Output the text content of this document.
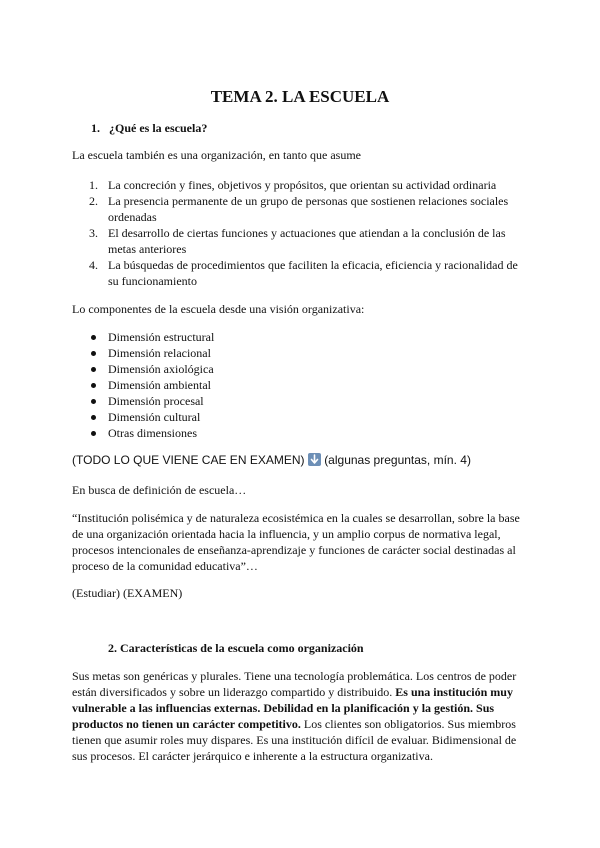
TEMA 2. LA ESCUELA
1. ¿Qué es la escuela?

La escuela también es una organización, en tanto que asume

1. La concreción y fines, objetivos y propósitos, que orientan su actividad ordinaria
2. La presencia permanente de un grupo de personas que sostienen relaciones sociales ordenadas
3. El desarrollo de ciertas funciones y actuaciones que atiendan a la conclusión de las metas anteriores
4. La búsquedas de procedimientos que faciliten la eficacia, eficiencia y racionalidad de su funcionamiento

Lo componentes de la escuela desde una visión organizativa:

Dimensión estructural
Dimensión relacional
Dimensión axiológica
Dimensión ambiental
Dimensión procesal
Dimensión cultural
Otras dimensiones

(TODO LO QUE VIENE CAE EN EXAMEN) (algunas preguntas, mín. 4)

En busca de definición de escuela…

“Institución polisémica y de naturaleza ecosistémica en la cuales se desarrollan, sobre la base de una organización orientada hacia la influencia, y un amplio corpus de normativa legal, procesos intencionales de enseñanza-aprendizaje y funciones de carácter social destinadas al proceso de la comunidad educativa”…

(Estudiar) (EXAMEN)

2. Características de la escuela como organización

Sus metas son genéricas y plurales. Tiene una tecnología problemática. Los centros de poder están diversificados y sobre un liderazgo compartido y distribuido. Es una institución muy vulnerable a las influencias externas. Debilidad en la planificación y la gestión. Sus productos no tienen un carácter competitivo. Los clientes son obligatorios. Sus miembros tienen que asumir roles muy dispares. Es una institución difícil de evaluar. Bidimensional de sus procesos. El carácter jerárquico e inherente a la estructura organizativa.
